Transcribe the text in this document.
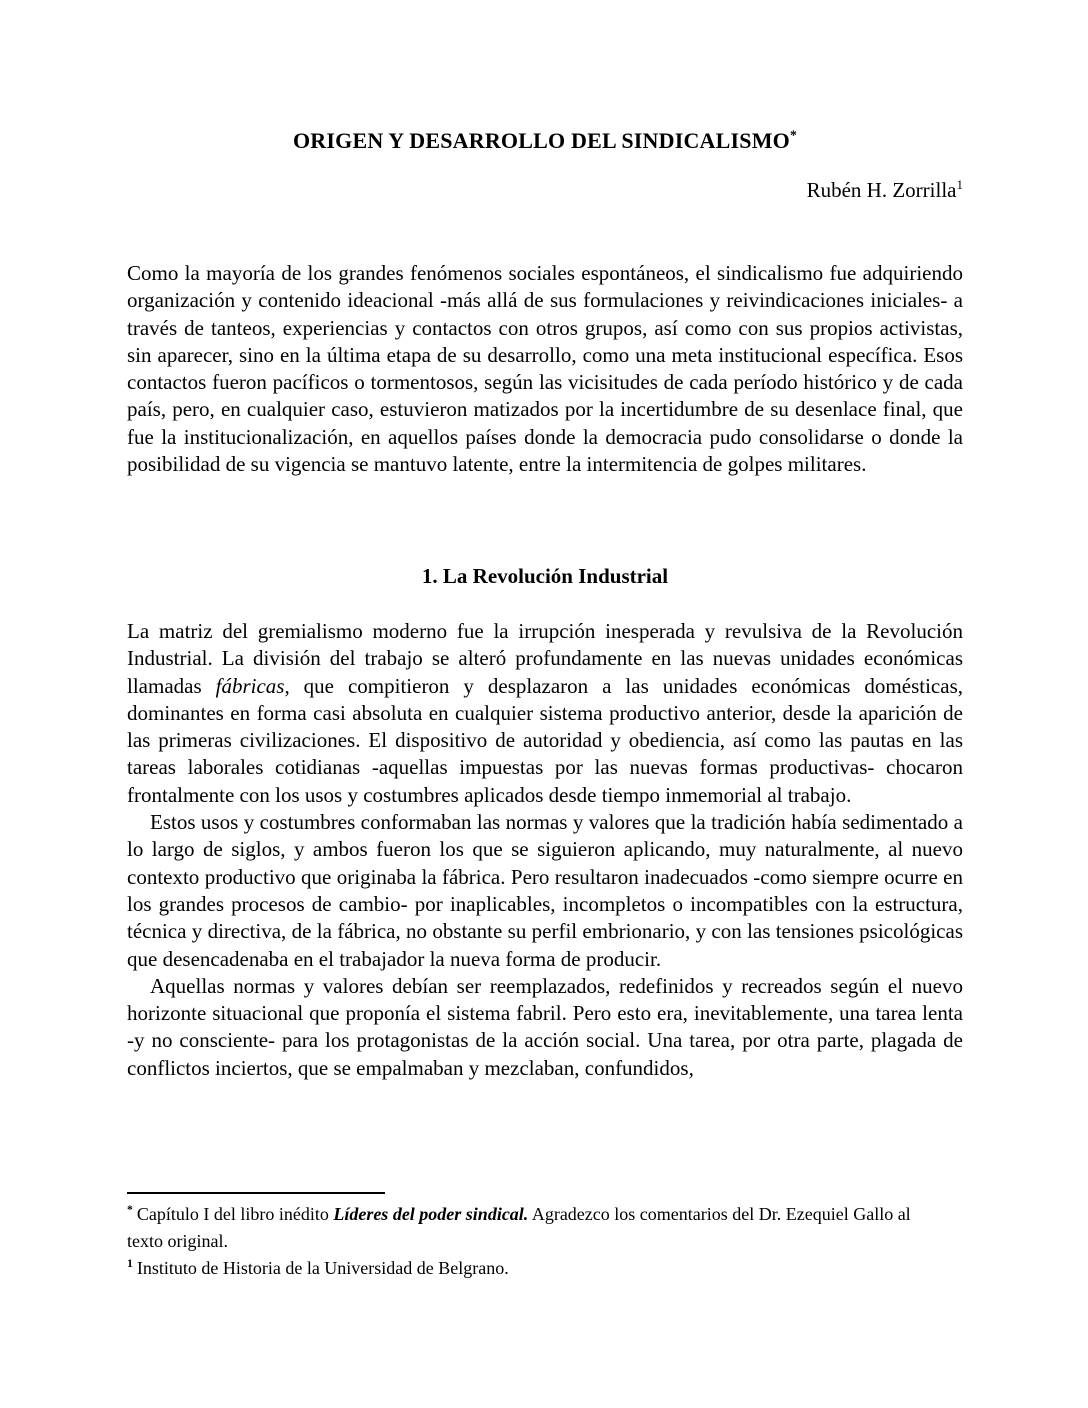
ORIGEN Y DESARROLLO DEL SINDICALISMO*
Rubén H. Zorrilla$^1$

Como la mayoría de los grandes fenómenos sociales espontáneos, el sindicalismo fue adquiriendo organización y contenido ideacional -más allá de sus formulaciones y reivindicaciones iniciales- a través de tanteos, experiencias y contactos con otros grupos, así como con sus propios activistas, sin aparecer, sino en la última etapa de su desarrollo, como una meta institucional específica. Esos contactos fueron pacíficos o tormentosos, según las vicisitudes de cada período histórico y de cada país, pero, en cualquier caso, estuvieron matizados por la incertidumbre de su desenlace final, que fue la institucionalización, en aquellos países donde la democracia pudo consolidarse o donde la posibilidad de su vigencia se mantuvo latente, entre la intermitencia de golpes militares.

1. La Revolución Industrial

La matriz del gremialismo moderno fue la irrupción inesperada y revulsiva de la Revolución Industrial. La división del trabajo se alteró profundamente en las nuevas unidades económicas llamadas fábricas, que compitieron y desplazaron a las unidades económicas domésticas, dominantes en forma casi absoluta en cualquier sistema productivo anterior, desde la aparición de las primeras civilizaciones. El dispositivo de autoridad y obediencia, así como las pautas en las tareas laborales cotidianas -aquellas impuestas por las nuevas formas productivas- chocaron frontalmente con los usos y costumbres aplicados desde tiempo inmemorial al trabajo.

Estos usos y costumbres conformaban las normas y valores que la tradición había sedimentado a lo largo de siglos, y ambos fueron los que se siguieron aplicando, muy naturalmente, al nuevo contexto productivo que originaba la fábrica. Pero resultaron inadecuados -como siempre ocurre en los grandes procesos de cambio- por inaplicables, incompletos o incompatibles con la estructura, técnica y directiva, de la fábrica, no obstante su perfil embrionario, y con las tensiones psicológicas que desencadenaba en el trabajador la nueva forma de producir.

Aquellas normas y valores debían ser reemplazados, redefinidos y recreados según el nuevo horizonte situacional que proponía el sistema fabril. Pero esto era, inevitablemente, una tarea lenta -y no consciente- para los protagonistas de la acción social. Una tarea, por otra parte, plagada de conflictos inciertos, que se empalmaban y mezclaban, confundidos,

* Capítulo I del libro inédito Líderes del poder sindical. Agradezco los comentarios del Dr. Ezequiel Gallo al texto original.

$^1$ Instituto de Historia de la Universidad de Belgrano.
